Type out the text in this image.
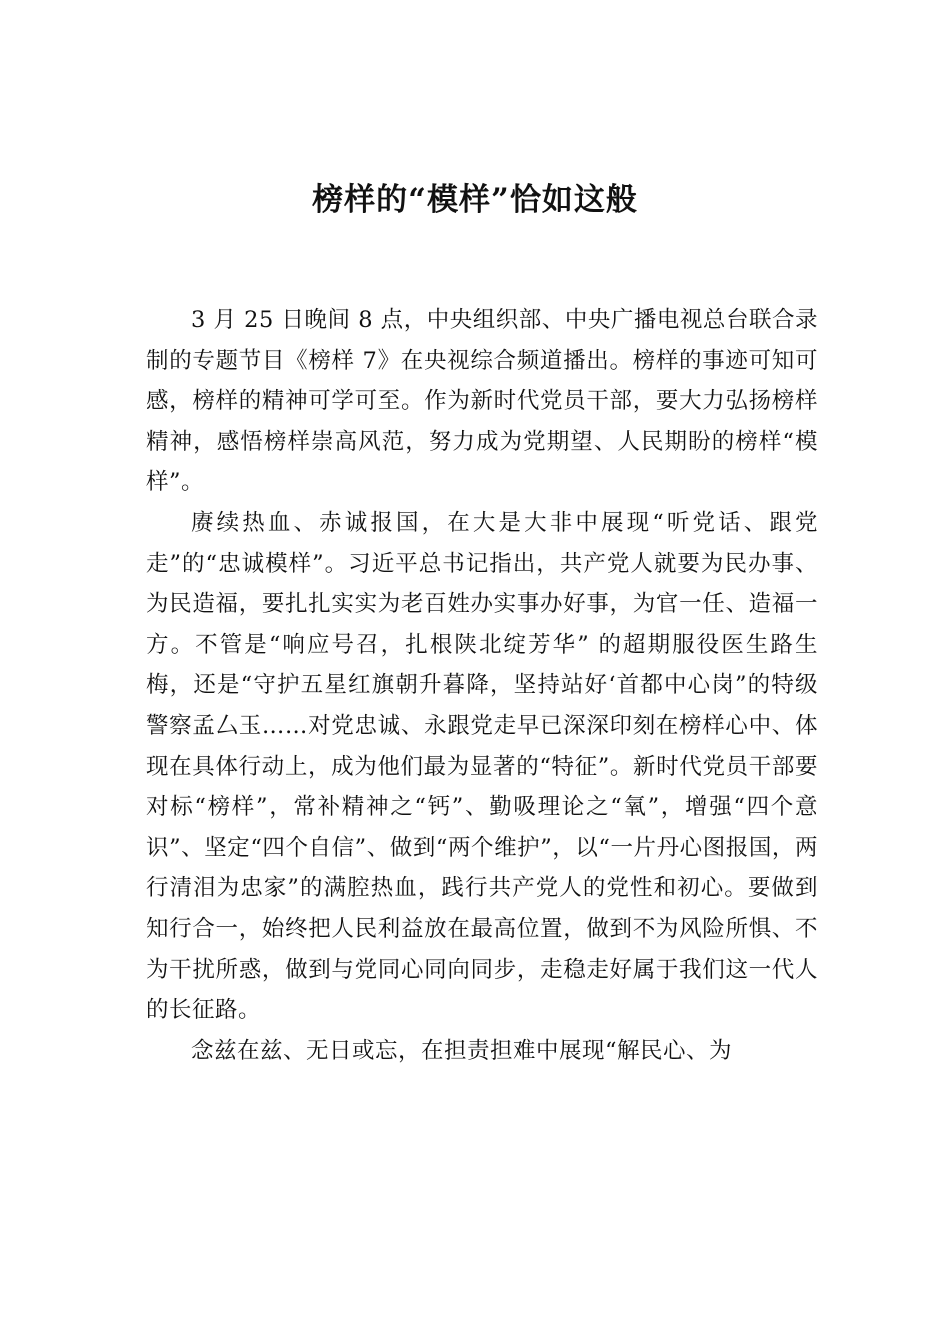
榜样的“模样”恰如这般

3 月 25 日晚间 8 点，中央组织部、中央广播电视总台联合录制的专题节目《榜样 7》在央视综合频道播出。榜样的事迹可知可感，榜样的精神可学可至。作为新时代党员干部，要大力弘扬榜样精神，感悟榜样崇高风范，努力成为党期望、人民期盼的榜样“模样”。

赓续热血、赤诚报国，在大是大非中展现“听党话、跟党走”的“忠诚模样”。习近平总书记指出，共产党人就要为民办事、为民造福，要扎扎实实为老百姓办实事办好事，为官一任、造福一方。不管是“响应号召，扎根陕北绽芳华” 的超期服役医生路生梅，还是“守护五星红旗朝升暮降，坚持站好‘首都中心岗”的特级警察孟⼛玉……对党忠诚、永跟党走早已深深印刻在榜样心中、体现在具体行动上，成为他们最为显著的“特征”。新时代党员干部要对标“榜样”，常补精神之“钙”、勤吸理论之“氧”，增强“四个意识”、坚定“四个自信”、做到“两个维护”，以“一片丹心图报国，两行清泪为忠家”的满腔热血，践行共产党人的党性和初心。要做到知行合一，始终把人民利益放在最高位置，做到不为风险所惧、不为干扰所惑，做到与党同心同向同步，走稳走好属于我们这一代人的长征路。

念兹在兹、无日或忘，在担责担难中展现“解民心、为
